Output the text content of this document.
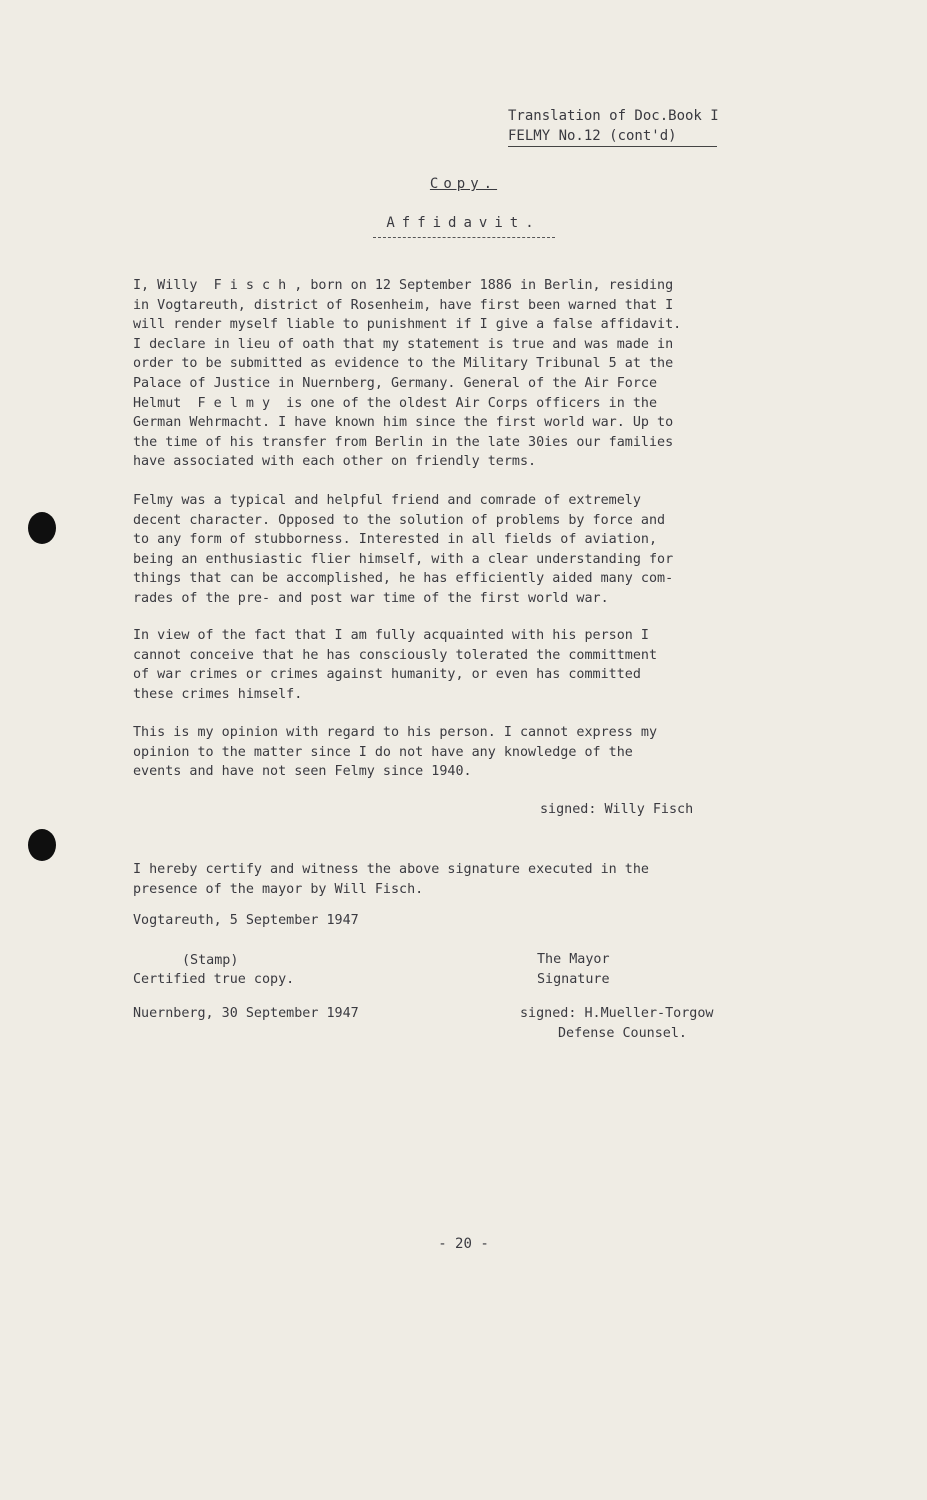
Translation of Doc.Book I
FELMY No.12 (cont'd)
Copy.
Affidavit.
I, Willy  F i s c h , born on 12 September 1886 in Berlin, residing
in Vogtareuth, district of Rosenheim, have first been warned that I
will render myself liable to punishment if I give a false affidavit.
I declare in lieu of oath that my statement is true and was made in
order to be submitted as evidence to the Military Tribunal 5 at the
Palace of Justice in Nuernberg, Germany. General of the Air Force
Helmut  F e l m y  is one of the oldest Air Corps officers in the
German Wehrmacht. I have known him since the first world war. Up to
the time of his transfer from Berlin in the late 30ies our families
have associated with each other on friendly terms.
Felmy was a typical and helpful friend and comrade of extremely
decent character. Opposed to the solution of problems by force and
to any form of stubborness. Interested in all fields of aviation,
being an enthusiastic flier himself, with a clear understanding for
things that can be accomplished, he has efficiently aided many com-
rades of the pre- and post war time of the first world war.
In view of the fact that I am fully acquainted with his person I
cannot conceive that he has consciously tolerated the committment
of war crimes or crimes against humanity, or even has committed
these crimes himself.
This is my opinion with regard to his person. I cannot express my
opinion to the matter since I do not have any knowledge of the
events and have not seen Felmy since 1940.
signed: Willy Fisch
I hereby certify and witness the above signature executed in the
presence of the mayor by Will Fisch.
Vogtareuth, 5 September 1947
(Stamp)
Certified true copy.
The Mayor
Signature
Nuernberg, 30 September 1947	signed: H.Mueller-Torgow
Defense Counsel.
- 20 -
